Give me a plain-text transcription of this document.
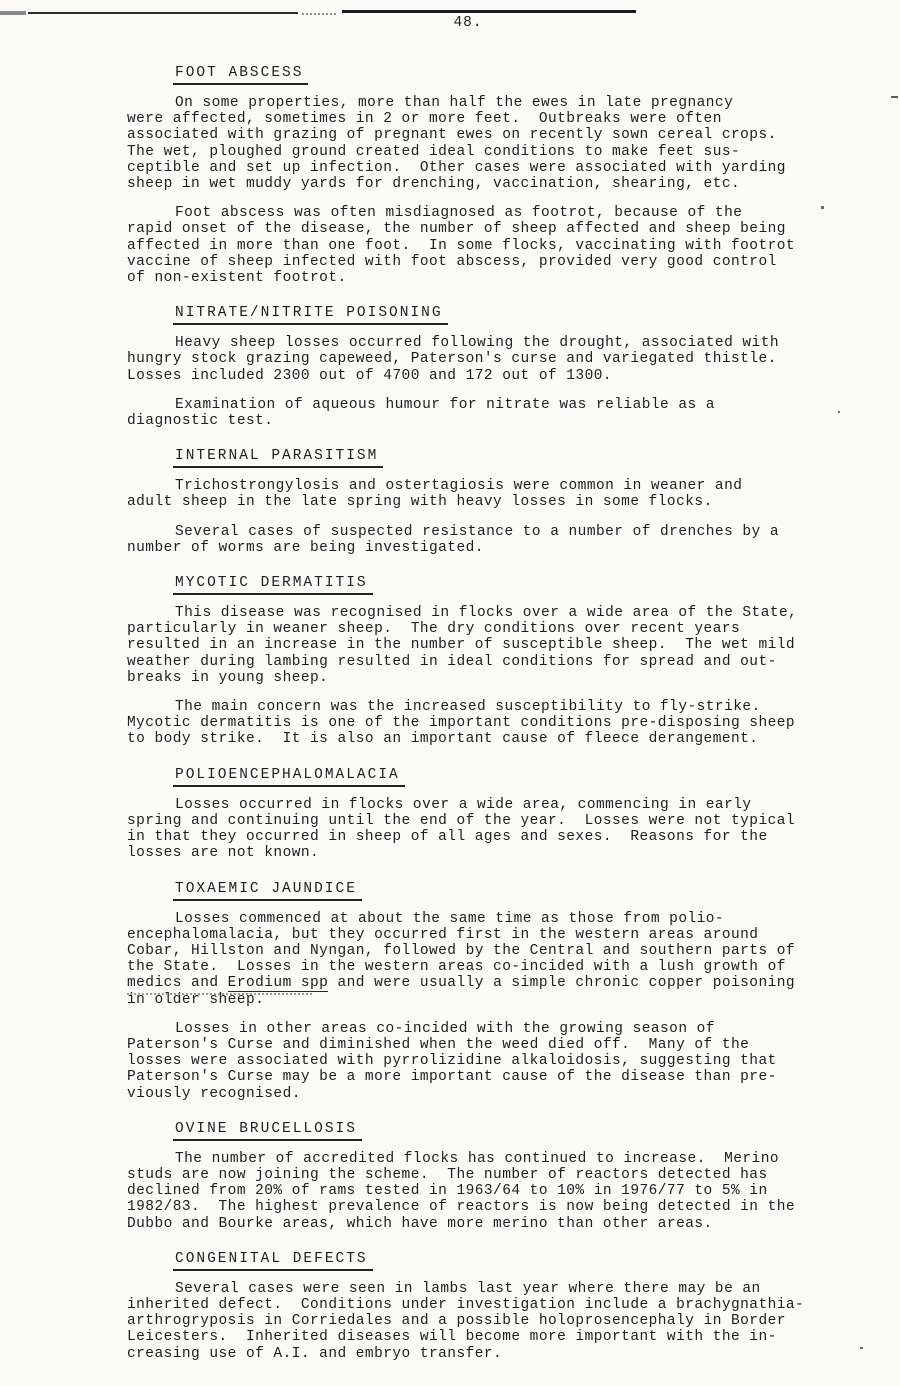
48.
FOOT ABSCESS
On some properties, more than half the ewes in late pregnancy
were affected, sometimes in 2 or more feet.  Outbreaks were often
associated with grazing of pregnant ewes on recently sown cereal crops.
The wet, ploughed ground created ideal conditions to make feet sus-
ceptible and set up infection.  Other cases were associated with yarding
sheep in wet muddy yards for drenching, vaccination, shearing, etc.
Foot abscess was often misdiagnosed as footrot, because of the
rapid onset of the disease, the number of sheep affected and sheep being
affected in more than one foot.  In some flocks, vaccinating with footrot
vaccine of sheep infected with foot abscess, provided very good control
of non-existent footrot.
NITRATE/NITRITE POISONING
Heavy sheep losses occurred following the drought, associated with
hungry stock grazing capeweed, Paterson's curse and variegated thistle.
Losses included 2300 out of 4700 and 172 out of 1300.
Examination of aqueous humour for nitrate was reliable as a
diagnostic test.
INTERNAL PARASITISM
Trichostrongylosis and ostertagiosis were common in weaner and
adult sheep in the late spring with heavy losses in some flocks.
Several cases of suspected resistance to a number of drenches by a
number of worms are being investigated.
MYCOTIC DERMATITIS
This disease was recognised in flocks over a wide area of the State,
particularly in weaner sheep.  The dry conditions over recent years
resulted in an increase in the number of susceptible sheep.  The wet mild
weather during lambing resulted in ideal conditions for spread and out-
breaks in young sheep.
The main concern was the increased susceptibility to fly-strike.
Mycotic dermatitis is one of the important conditions pre-disposing sheep
to body strike.  It is also an important cause of fleece derangement.
POLIOENCEPHALOMALACIA
Losses occurred in flocks over a wide area, commencing in early
spring and continuing until the end of the year.  Losses were not typical
in that they occurred in sheep of all ages and sexes.  Reasons for the
losses are not known.
TOXAEMIC JAUNDICE
Losses commenced at about the same time as those from polio-
encephalomalacia, but they occurred first in the western areas around
Cobar, Hillston and Nyngan, followed by the Central and southern parts of
the State.  Losses in the western areas co-incided with a lush growth of
medics and Erodium spp and were usually a simple chronic copper poisoning
in older sheep.
Losses in other areas co-incided with the growing season of
Paterson's Curse and diminished when the weed died off.  Many of the
losses were associated with pyrrolizidine alkaloidosis, suggesting that
Paterson's Curse may be a more important cause of the disease than pre-
viously recognised.
OVINE BRUCELLOSIS
The number of accredited flocks has continued to increase.  Merino
studs are now joining the scheme.  The number of reactors detected has
declined from 20% of rams tested in 1963/64 to 10% in 1976/77 to 5% in
1982/83.  The highest prevalence of reactors is now being detected in the
Dubbo and Bourke areas, which have more merino than other areas.
CONGENITAL DEFECTS
Several cases were seen in lambs last year where there may be an
inherited defect.  Conditions under investigation include a brachygnathia-
arthrogryposis in Corriedales and a possible holoprosencephaly in Border
Leicesters.  Inherited diseases will become more important with the in-
creasing use of A.I. and embryo transfer.
